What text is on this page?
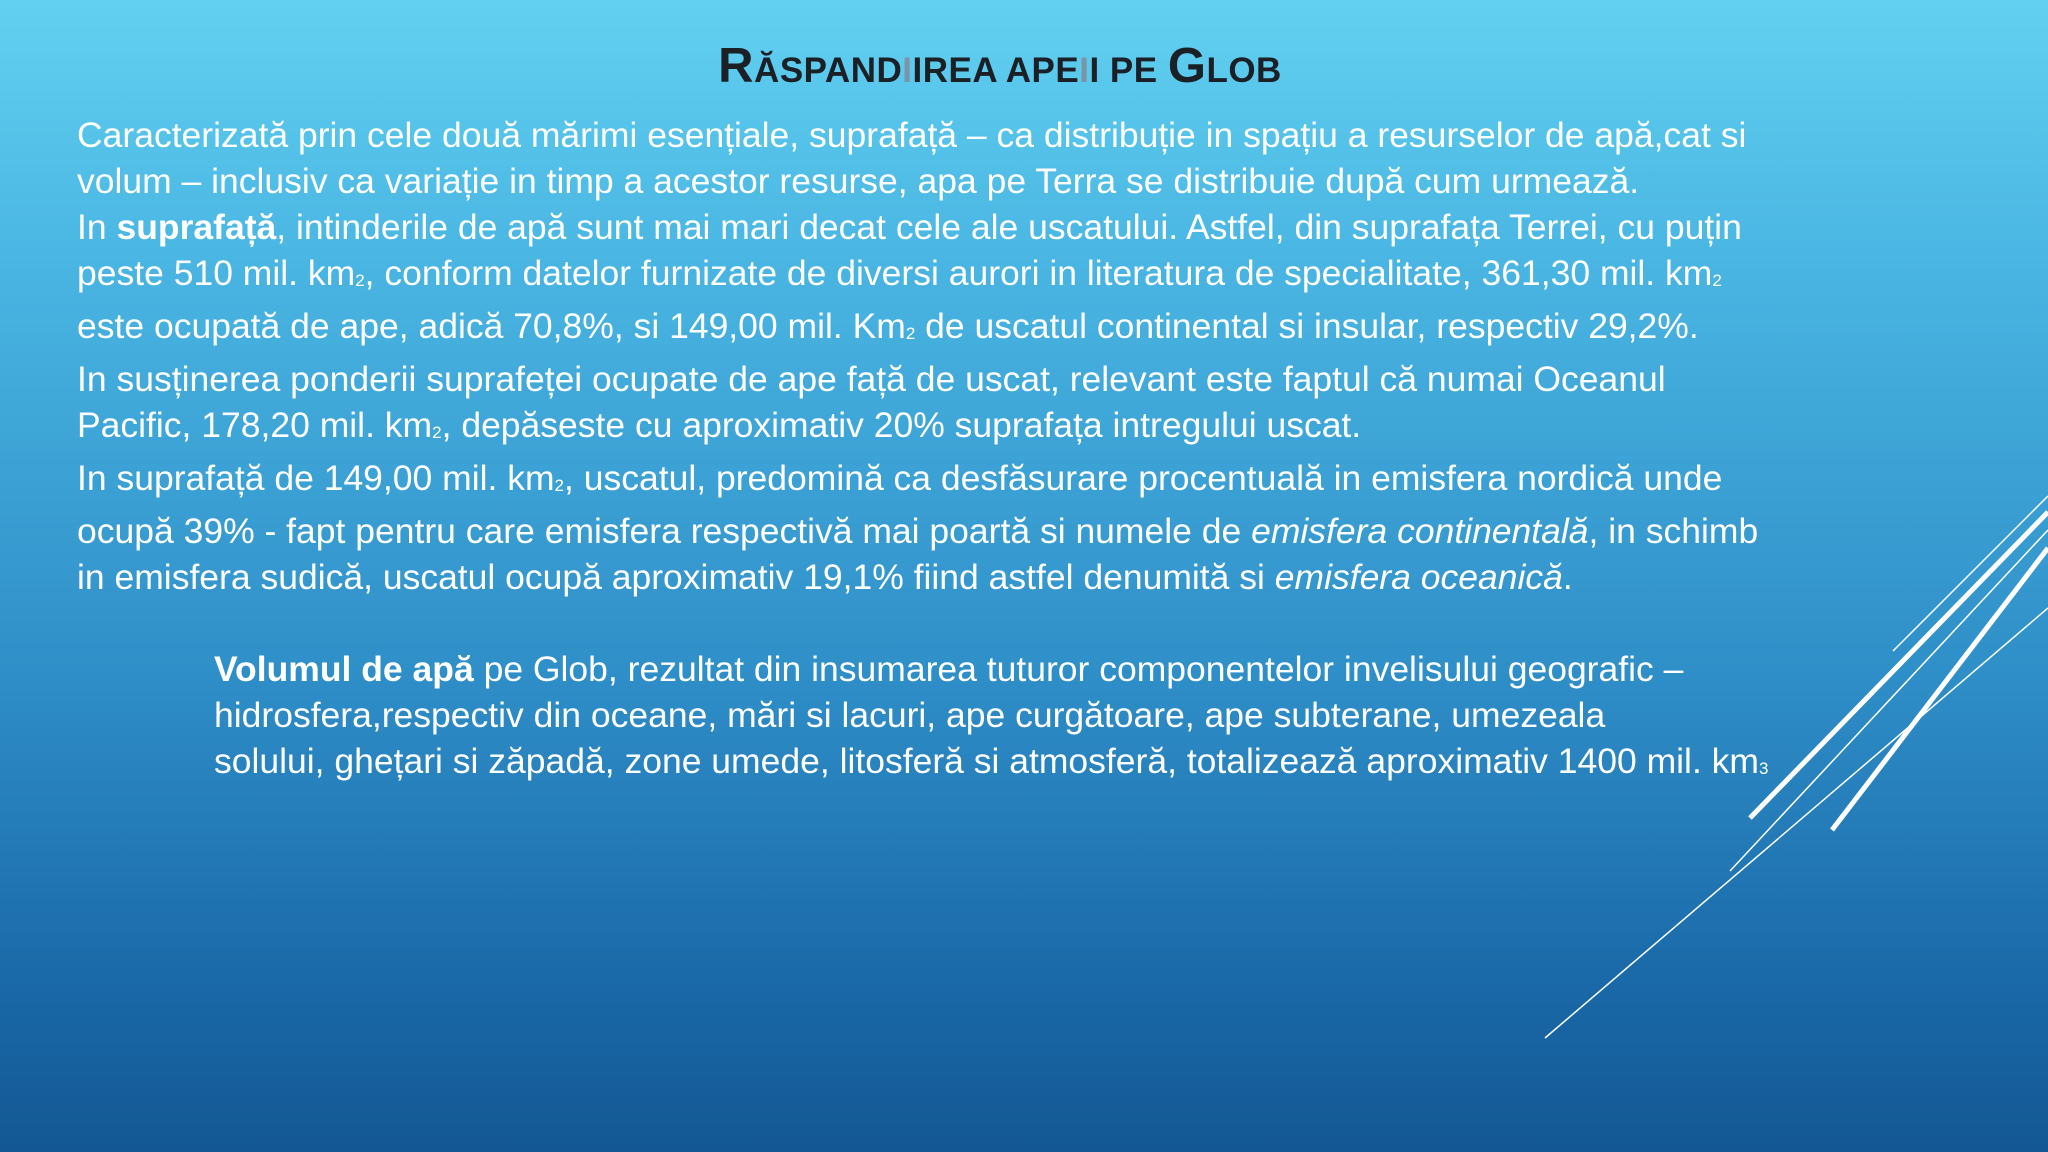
RĂSPANDIIREA APEII PE GLOB

Caracterizată prin cele două mărimi esențiale, suprafață – ca distribuție in spațiu a resurselor de apă,cat si volum – inclusiv ca variație in timp a acestor resurse, apa pe Terra se distribuie după cum urmează.

In suprafață, intinderile de apă sunt mai mari decat cele ale uscatului. Astfel, din suprafața Terrei, cu puțin peste 510 mil. $km_2$, conform datelor furnizate de diversi aurori in literatura de specialitate, 361,30 mil. $km_2$ este ocupată de ape, adică 70,8%, si 149,00 mil. $Km_2$ de uscatul continental si insular, respectiv 29,2%.

In susținerea ponderii suprafeței ocupate de ape față de uscat, relevant este faptul că numai Oceanul Pacific, 178,20 mil. $km_2$, depăseste cu aproximativ 20% suprafața intregului uscat.

In suprafață de 149,00 mil. $km_2$, uscatul, predomină ca desfăsurare procentuală in emisfera nordică unde ocupă 39% - fapt pentru care emisfera respectivă mai poartă si numele de emisfera continentală, in schimb in emisfera sudică, uscatul ocupă aproximativ 19,1% fiind astfel denumită si emisfera oceanică.

Volumul de apă pe Glob, rezultat din insumarea tuturor componentelor invelisului geografic – hidrosfera,respectiv din oceane, mări si lacuri, ape curgătoare, ape subterane, umezeala

solului, ghețari si zăpadă, zone umede, litosferă si atmosferă, totalizează aproximativ 1400 mil. $km_3$
